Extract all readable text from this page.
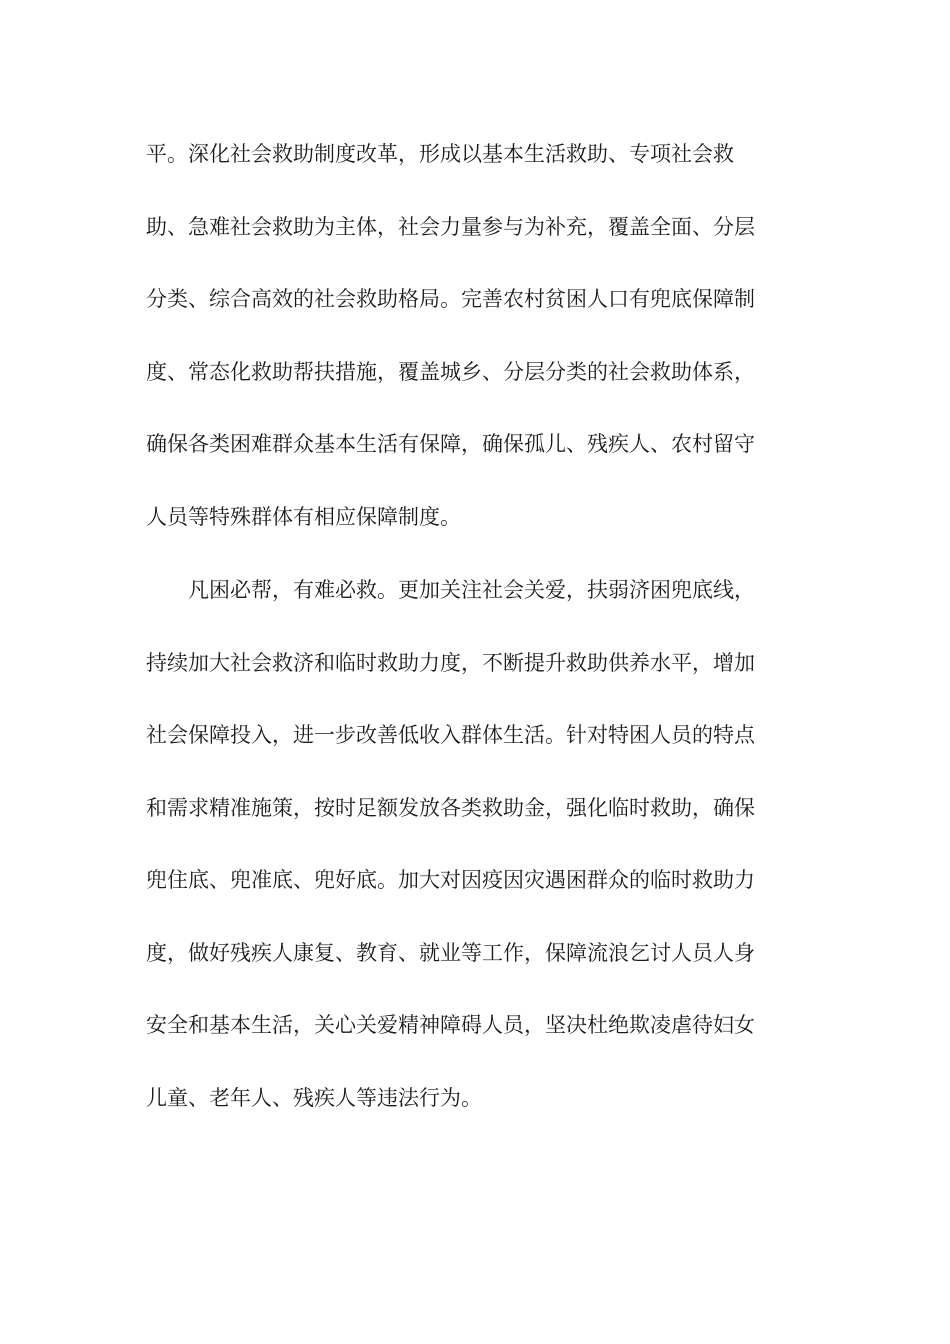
平。深化社会救助制度改革，形成以基本生活救助、专项社会救
助、急难社会救助为主体，社会力量参与为补充，覆盖全面、分层
分类、综合高效的社会救助格局。完善农村贫困人口有兜底保障制
度、常态化救助帮扶措施，覆盖城乡、分层分类的社会救助体系，
确保各类困难群众基本生活有保障，确保孤儿、残疾人、农村留守
人员等特殊群体有相应保障制度。
凡困必帮，有难必救。更加关注社会关爱，扶弱济困兜底线，
持续加大社会救济和临时救助力度，不断提升救助供养水平，增加
社会保障投入，进一步改善低收入群体生活。针对特困人员的特点
和需求精准施策，按时足额发放各类救助金，强化临时救助，确保
兜住底、兜准底、兜好底。加大对因疫因灾遇困群众的临时救助力
度，做好残疾人康复、教育、就业等工作，保障流浪乞讨人员人身
安全和基本生活，关心关爱精神障碍人员，坚决杜绝欺凌虐待妇女
儿童、老年人、残疾人等违法行为。
